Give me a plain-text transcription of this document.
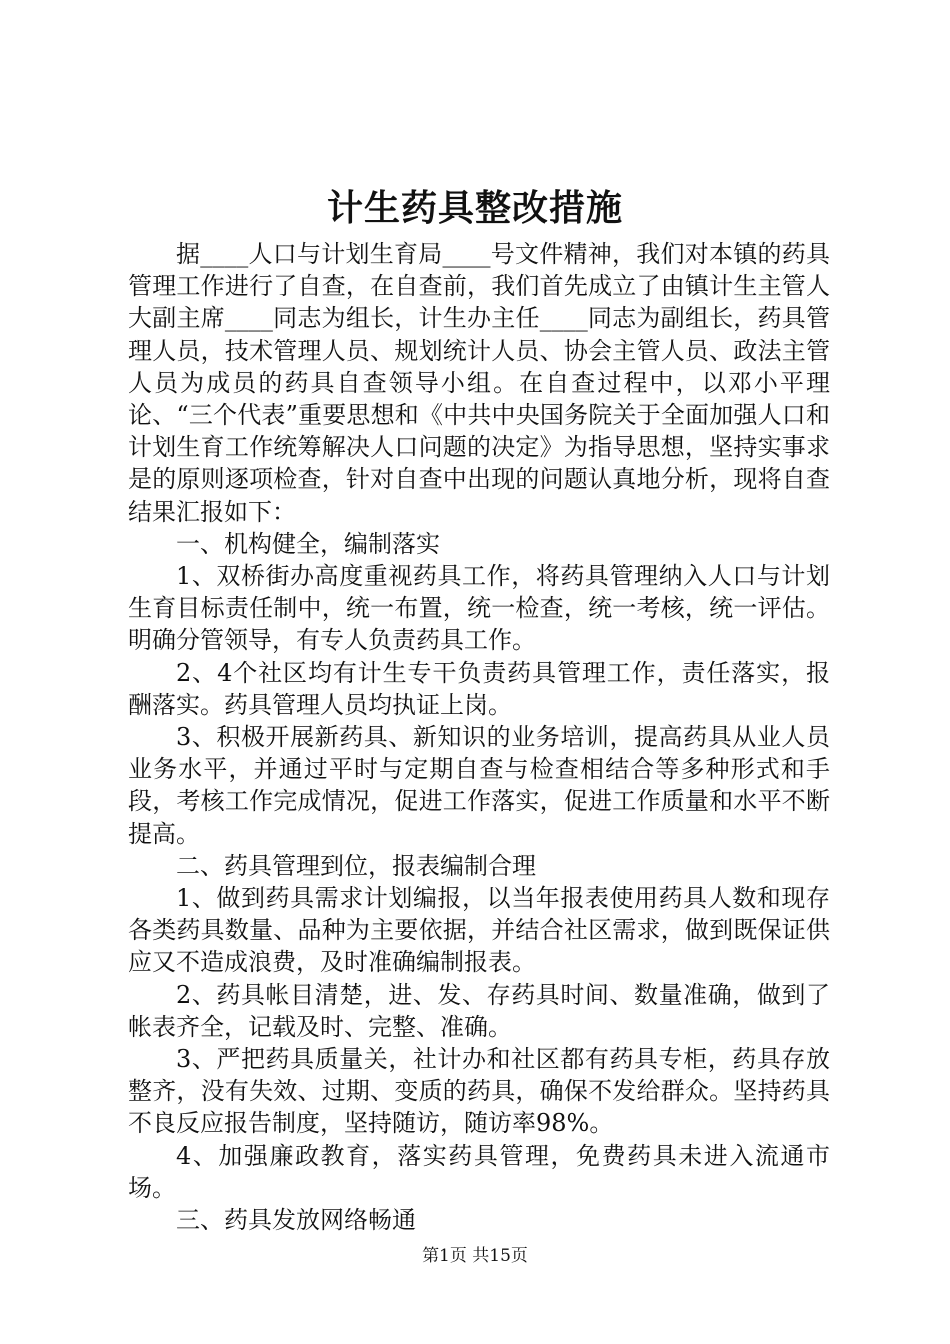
计生药具整改措施

据____人口与计划生育局____号文件精神，我们对本镇的药具管理工作进行了自查，在自查前，我们首先成立了由镇计生主管人大副主席____同志为组长，计生办主任____同志为副组长，药具管理人员，技术管理人员、规划统计人员、协会主管人员、政法主管人员为成员的药具自查领导小组。在自查过程中，以邓小平理论、“三个代表”重要思想和《中共中央国务院关于全面加强人口和计划生育工作统筹解决人口问题的决定》为指导思想，坚持实事求是的原则逐项检查，针对自查中出现的问题认真地分析，现将自查结果汇报如下：

一、机构健全，编制落实

1、双桥街办高度重视药具工作，将药具管理纳入人口与计划生育目标责任制中，统一布置，统一检查，统一考核，统一评估。明确分管领导，有专人负责药具工作。

2、4个社区均有计生专干负责药具管理工作，责任落实，报酬落实。药具管理人员均执证上岗。

3、积极开展新药具、新知识的业务培训，提高药具从业人员业务水平，并通过平时与定期自查与检查相结合等多种形式和手段，考核工作完成情况，促进工作落实，促进工作质量和水平不断提高。

二、药具管理到位，报表编制合理

1、做到药具需求计划编报，以当年报表使用药具人数和现存各类药具数量、品种为主要依据，并结合社区需求，做到既保证供应又不造成浪费，及时准确编制报表。

2、药具帐目清楚，进、发、存药具时间、数量准确，做到了帐表齐全，记载及时、完整、准确。

3、严把药具质量关，社计办和社区都有药具专柜，药具存放整齐，没有失效、过期、变质的药具，确保不发给群众。坚持药具不良反应报告制度，坚持随访，随访率98%。

4、加强廉政教育，落实药具管理，免费药具未进入流通市场。

三、药具发放网络畅通

第1页 共15页
